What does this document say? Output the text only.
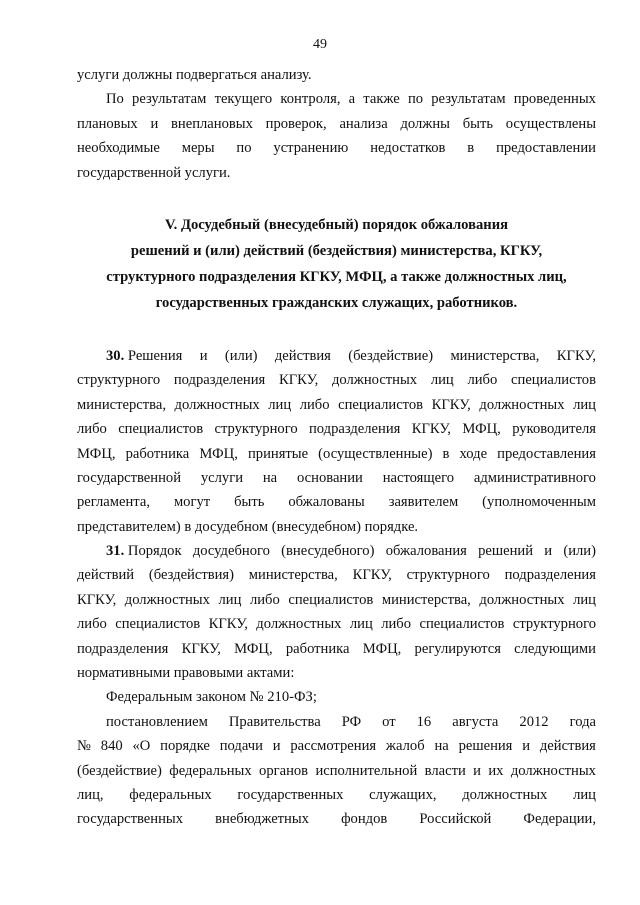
49
услуги должны подвергаться анализу.
По результатам текущего контроля, а также по результатам проведенных
плановых и внеплановых проверок, анализа должны быть осуществлены
необходимые меры по устранению недостатков в предоставлении
государственной услуги.
V. Досудебный (внесудебный) порядок обжалования
решений и (или) действий (бездействия) министерства, КГКУ,
структурного подразделения КГКУ, МФЦ, а также должностных лиц,
государственных гражданских служащих, работников.
30. Решения и (или) действия (бездействие) министерства, КГКУ,
структурного подразделения КГКУ, должностных лиц либо специалистов
министерства, должностных лиц либо специалистов КГКУ, должностных лиц
либо специалистов структурного подразделения КГКУ, МФЦ, руководителя
МФЦ, работника МФЦ, принятые (осуществленные) в ходе предоставления
государственной услуги на основании настоящего административного
регламента, могут быть обжалованы заявителем (уполномоченным
представителем) в досудебном (внесудебном) порядке.
31. Порядок досудебного (внесудебного) обжалования решений и (или)
действий (бездействия) министерства, КГКУ, структурного подразделения
КГКУ, должностных лиц либо специалистов министерства, должностных лиц
либо специалистов КГКУ, должностных лиц либо специалистов структурного
подразделения КГКУ, МФЦ, работника МФЦ, регулируются следующими
нормативными правовыми актами:
Федеральным законом № 210-ФЗ;
постановлением Правительства РФ от 16 августа 2012 года
№ 840 «О порядке подачи и рассмотрения жалоб на решения и действия
(бездействие) федеральных органов исполнительной власти и их должностных
лиц, федеральных государственных служащих, должностных лиц
государственных внебюджетных фондов Российской Федерации,
